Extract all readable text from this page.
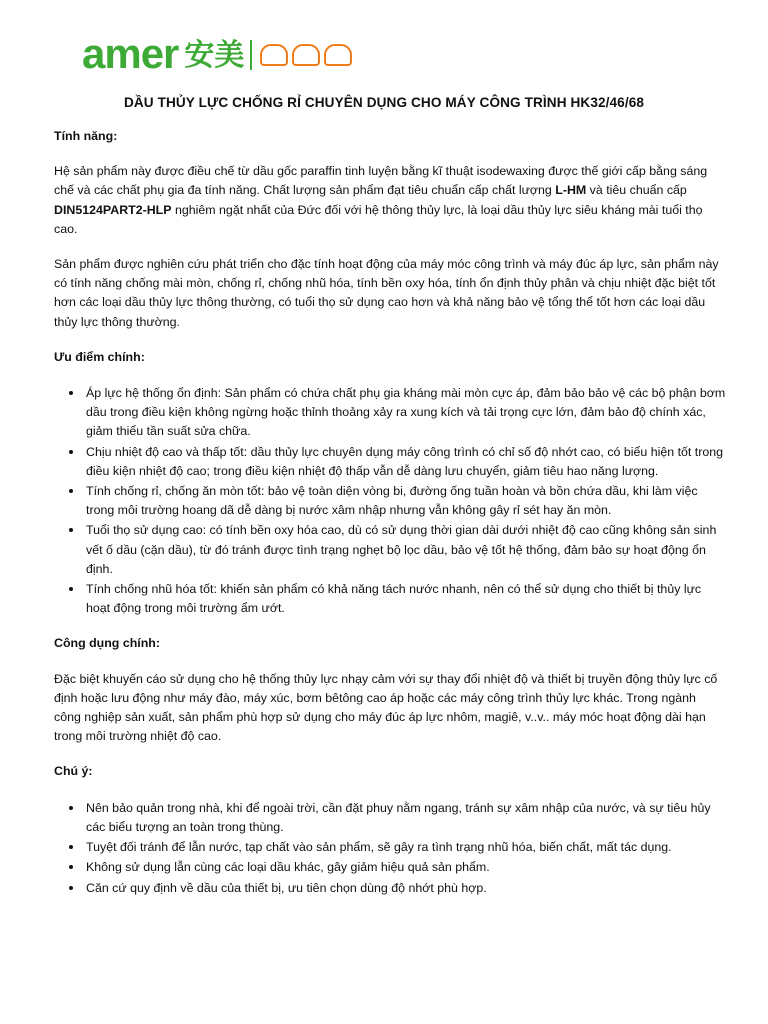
amer 安美
DẦU THỦY LỰC CHỐNG RỈ CHUYÊN DỤNG CHO MÁY CÔNG TRÌNH HK32/46/68
Tính năng:
Hệ sản phẩm này được điều chế từ dầu gốc paraffin tinh luyện bằng kĩ thuật isodewaxing được thế giới cấp bằng sáng chế và các chất phụ gia đa tính năng. Chất lượng sản phẩm đạt tiêu chuẩn cấp chất lượng L-HM và tiêu chuẩn cấp DIN5124PART2-HLP nghiêm ngặt nhất của Đức đối với hệ thông thủy lực, là loại dầu thủy lực siêu kháng mài tuổi thọ cao.
Sản phẩm được nghiên cứu phát triển cho đặc tính hoạt động của máy móc công trình và máy đúc áp lực, sản phẩm này có tính năng chống mài mòn, chống rỉ, chống nhũ hóa, tính bền oxy hóa, tính ổn định thủy phân và chịu nhiệt đặc biệt tốt hơn các loại dầu thủy lực thông thường, có tuổi thọ sử dụng cao hơn và khả năng bảo vệ tổng thể tốt hơn các loại dầu thủy lực thông thường.
Ưu điểm chính:
• Áp lực hệ thống ổn định: Sản phẩm có chứa chất phụ gia kháng mài mòn cực áp, đảm bảo bảo vệ các bộ phận bơm dầu trong điều kiện không ngừng hoặc thỉnh thoảng xảy ra xung kích và tải trọng cực lớn, đảm bảo độ chính xác, giảm thiểu tần suất sửa chữa.
• Chịu nhiệt độ cao và thấp tốt: dầu thủy lực chuyên dụng máy công trình có chỉ số độ nhớt cao, có biểu hiện tốt trong điều kiện nhiệt độ cao; trong điều kiện nhiệt độ thấp vẫn dễ dàng lưu chuyển, giảm tiêu hao năng lượng.
• Tính chống rỉ, chống ăn mòn tốt: bảo vệ toàn diện vòng bi, đường ống tuần hoàn và bồn chứa dầu, khi làm việc trong môi trường hoang dã dễ dàng bị nước xâm nhập nhưng vẫn không gây rỉ sét hay ăn mòn.
• Tuổi thọ sử dụng cao: có tính bền oxy hóa cao, dù có sử dụng thời gian dài dưới nhiệt độ cao cũng không sản sinh vết ố dầu (cặn dầu), từ đó tránh được tình trạng nghẹt bộ lọc dầu, bảo vệ tốt hệ thống, đảm bảo sự hoạt động ổn định.
• Tính chống nhũ hóa tốt: khiến sản phẩm có khả năng tách nước nhanh, nên có thể sử dụng cho thiết bị thủy lực hoạt động trong môi trường ẩm ướt.
Công dụng chính:
Đặc biệt khuyến cáo sử dụng cho hệ thống thủy lực nhạy cảm với sự thay đổi nhiệt độ và thiết bị truyền động thủy lực cố định hoặc lưu động như máy đào, máy xúc, bơm bêtông cao áp hoặc các máy công trình thủy lực khác. Trong ngành công nghiệp sản xuất, sản phẩm phù hợp sử dụng cho máy đúc áp lực nhôm, magiê, v..v.. máy móc hoạt động dài hạn trong môi trường nhiệt độ cao.
Chú ý:
• Nên bảo quản trong nhà, khi để ngoài trời, cần đặt phuy nằm ngang, tránh sự xâm nhập của nước, và sự tiêu hủy các biểu tượng an toàn trong thùng.
• Tuyệt đối tránh để lẫn nước, tạp chất vào sản phẩm, sẽ gây ra tình trạng nhũ hóa, biến chất, mất tác dụng.
• Không sử dụng lẫn cùng các loại dầu khác, gây giảm hiệu quả sản phẩm.
• Căn cứ quy định về dầu của thiết bị, ưu tiên chọn dùng độ nhớt phù hợp.
